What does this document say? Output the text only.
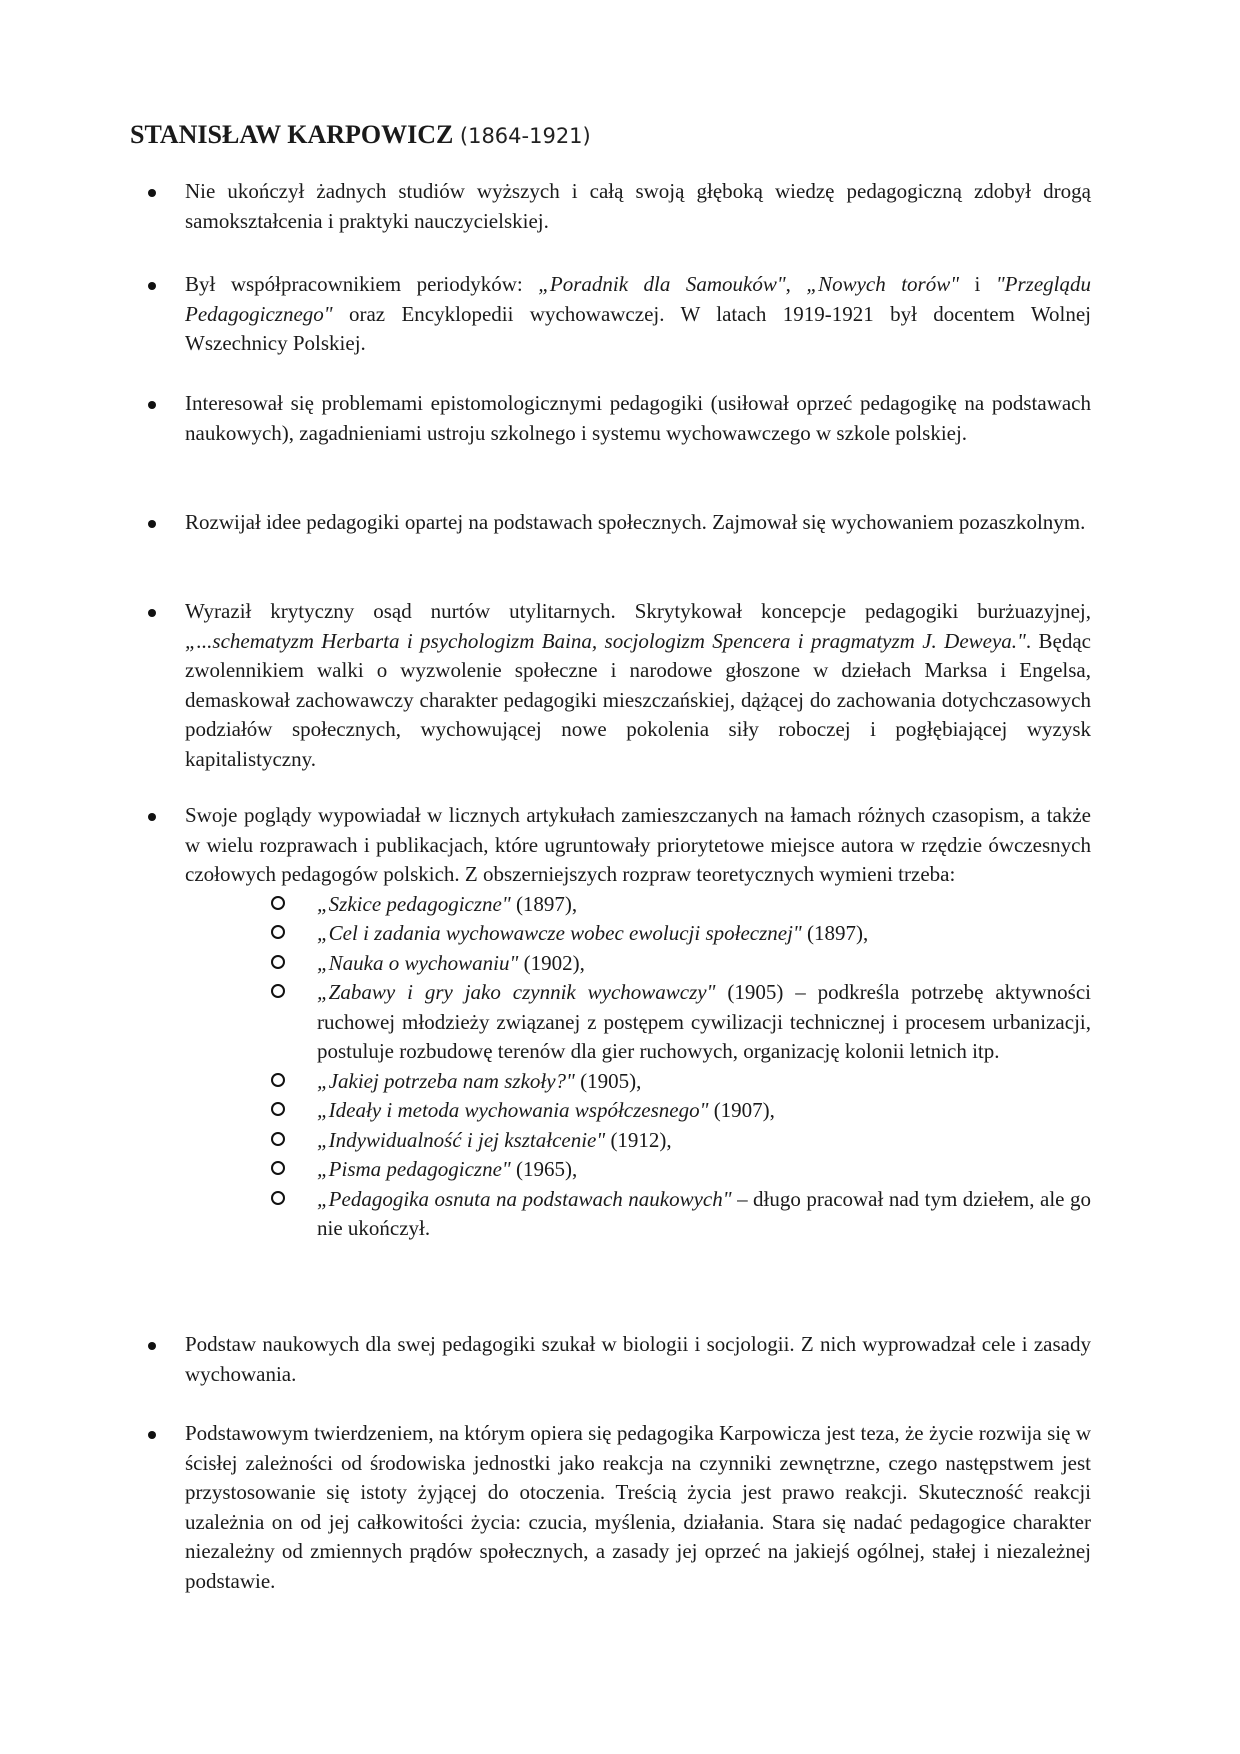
STANISŁAW KARPOWICZ (1864-1921)
Nie ukończył żadnych studiów wyższych i całą swoją głęboką wiedzę pedagogiczną zdobył drogą samokształcenia i praktyki nauczycielskiej.
Był współpracownikiem periodyków: „Poradnik dla Samouków", „Nowych torów" i "Przeglądu Pedagogicznego" oraz Encyklopedii wychowawczej. W latach 1919-1921 był docentem Wolnej Wszechnicy Polskiej.
Interesował się problemami epistomologicznymi pedagogiki (usiłował oprzeć pedagogikę na podstawach naukowych), zagadnieniami ustroju szkolnego i systemu wychowawczego w szkole polskiej.
Rozwijał idee pedagogiki opartej na podstawach społecznych. Zajmował się wychowaniem pozaszkolnym.
Wyraził krytyczny osąd nurtów utylitarnych. Skrytykował koncepcje pedagogiki burżuazyjnej, „...schematyzm Herbarta i psychologizm Baina, socjologizm Spencera i pragmatyzm J. Deweya.". Będąc zwolennikiem walki o wyzwolenie społeczne i narodowe głoszone w dziełach Marksa i Engelsa, demaskował zachowawczy charakter pedagogiki mieszczańskiej, dążącej do zachowania dotychczasowych podziałów społecznych, wychowującej nowe pokolenia siły roboczej i pogłębiającej wyzysk kapitalistyczny.
Swoje poglądy wypowiadał w licznych artykułach zamieszczanych na łamach różnych czasopism, a także w wielu rozprawach i publikacjach, które ugruntowały priorytetowe miejsce autora w rzędzie ówczesnych czołowych pedagogów polskich. Z obszerniejszych rozpraw teoretycznych wymieni trzeba:
„Szkice pedagogiczne" (1897),
„Cel i zadania wychowawcze wobec ewolucji społecznej" (1897),
„Nauka o wychowaniu" (1902),
„Zabawy i gry jako czynnik wychowawczy" (1905) – podkreśla potrzebę aktywności ruchowej młodzieży związanej z postępem cywilizacji technicznej i procesem urbanizacji, postuluje rozbudowę terenów dla gier ruchowych, organizację kolonii letnich itp.
„Jakiej potrzeba nam szkoły?" (1905),
„Ideały i metoda wychowania współczesnego" (1907),
„Indywidualność i jej kształcenie" (1912),
„Pisma pedagogiczne" (1965),
„Pedagogika osnuta na podstawach naukowych" – długo pracował nad tym dziełem, ale go nie ukończył.
Podstaw naukowych dla swej pedagogiki szukał w biologii i socjologii. Z nich wyprowadzał cele i zasady wychowania.
Podstawowym twierdzeniem, na którym opiera się pedagogika Karpowicza jest teza, że życie rozwija się w ścisłej zależności od środowiska jednostki jako reakcja na czynniki zewnętrzne, czego następstwem jest przystosowanie się istoty żyjącej do otoczenia. Treścią życia jest prawo reakcji. Skuteczność reakcji uzależnia on od jej całkowitości życia: czucia, myślenia, działania. Stara się nadać pedagogice charakter niezależny od zmiennych prądów społecznych, a zasady jej oprzeć na jakiejś ogólnej, stałej i niezależnej podstawie.
